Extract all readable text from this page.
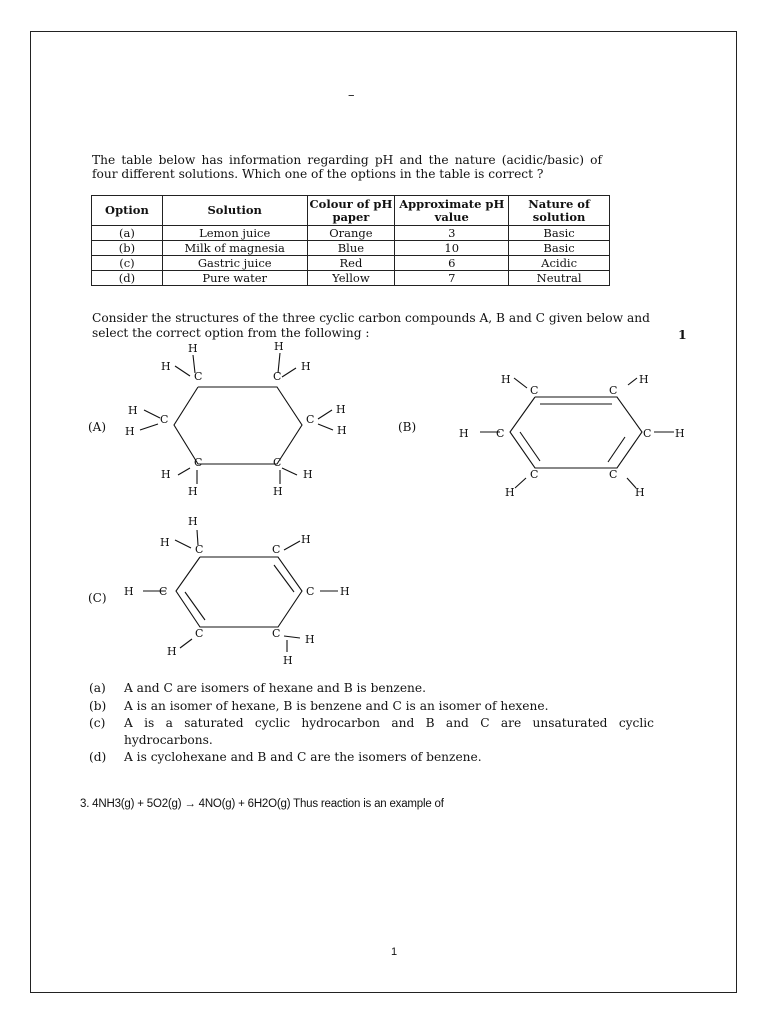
–
The table below has information regarding pH and the nature (acidic/basic) of four different solutions. Which one of the options in the table is correct ?
Option	Solution	Colour of pH paper	Approximate pH value	Nature of solution
(a)	Lemon juice	Orange	3	Basic
(b)	Milk of magnesia	Blue	10	Basic
(c)	Gastric juice	Red	6	Acidic
(d)	Pure water	Yellow	7	Neutral
Consider the structures of the three cyclic carbon compounds A, B and C given below and select the correct option from the following :	1
(A)	(B)
(C)
C	C
C	C
C	C
H
H
H
H
H
H
H
H
H
H
H
H
C	C
C	C
C	C
H	H
H	H
H	H
C	C
C	C
C	C
H
H	H
H	H
H
H
H
(a)	A and C are isomers of hexane and B is benzene.
(b)	A is an isomer of hexane, B is benzene and C is an isomer of hexene.
(c)	A is a saturated cyclic hydrocarbon and B and C are unsaturated cyclic hydrocarbons.
(d)	A is cyclohexane and B and C are the isomers of benzene.
3. 4NH3(g) + 5O2(g) → 4NO(g) + 6H2O(g) Thus reaction is an example of
1
